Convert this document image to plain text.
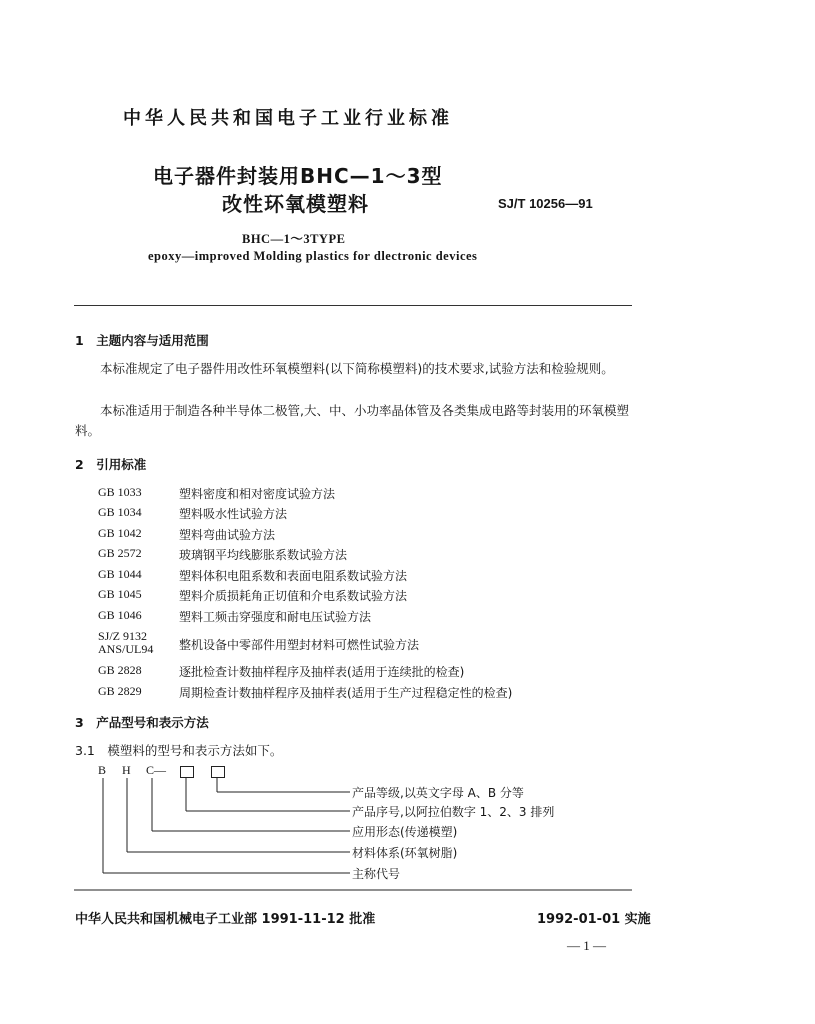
中华人民共和国电子工业行业标准
电子器件封装用BHC—1～3型
改性环氧模塑料	SJ/T 10256—91
BHC—1～3TYPE
epoxy—improved Molding plastics for dlectronic devices
1　主题内容与适用范围
本标准规定了电子器件用改性环氧模塑料(以下简称模塑料)的技术要求,试验方法和检验规则。
本标准适用于制造各种半导体二极管,大、中、小功率晶体管及各类集成电路等封装用的环氧模塑料。
2　引用标准
GB 1033	塑料密度和相对密度试验方法
GB 1034	塑料吸水性试验方法
GB 1042	塑料弯曲试验方法
GB 2572	玻璃钢平均线膨胀系数试验方法
GB 1044	塑料体积电阻系数和表面电阻系数试验方法
GB 1045	塑料介质损耗角正切值和介电系数试验方法
GB 1046	塑料工频击穿强度和耐电压试验方法
SJ/Z 9132
ANS/UL94 整机设备中零部件用塑封材料可燃性试验方法
GB 2828	逐批检查计数抽样程序及抽样表(适用于连续批的检查)
GB 2829	周期检查计数抽样程序及抽样表(适用于生产过程稳定性的检查)
3　产品型号和表示方法
3.1　模塑料的型号和表示方法如下。
B H C—
产品等级,以英文字母 A、B 分等
产品序号,以阿拉伯数字 1、2、3 排列
应用形态(传递模塑)
材料体系(环氧树脂)
主称代号
中华人民共和国机械电子工业部 1991-11-12 批准	1992-01-01 实施
— 1 —
